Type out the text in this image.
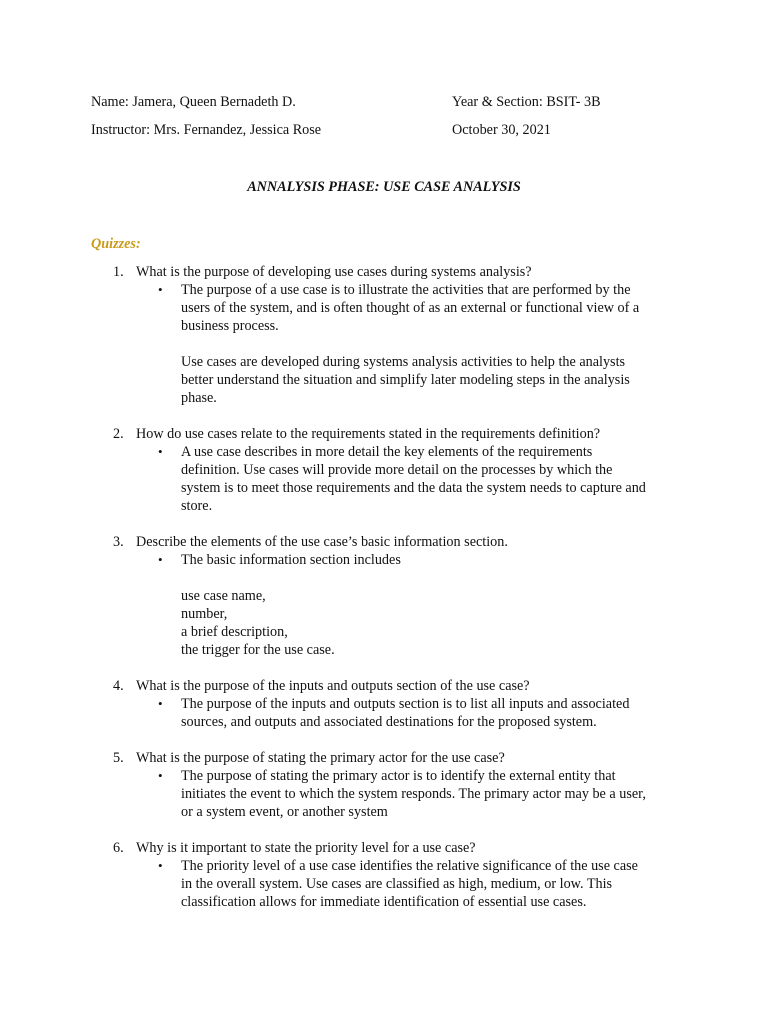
Name: Jamera, Queen Bernadeth D.	Year & Section: BSIT- 3B
Instructor: Mrs. Fernandez, Jessica Rose	October 30, 2021
ANNALYSIS PHASE: USE CASE ANALYSIS
Quizzes:
1. What is the purpose of developing use cases during systems analysis?
• The purpose of a use case is to illustrate the activities that are performed by the
users of the system, and is often thought of as an external or functional view of a
business process.

Use cases are developed during systems analysis activities to help the analysts
better understand the situation and simplify later modeling steps in the analysis
phase.
2. How do use cases relate to the requirements stated in the requirements definition?
• A use case describes in more detail the key elements of the requirements
definition. Use cases will provide more detail on the processes by which the
system is to meet those requirements and the data the system needs to capture and
store.
3. Describe the elements of the use case’s basic information section.
• The basic information section includes

use case name,
number,
a brief description,
the trigger for the use case.
4. What is the purpose of the inputs and outputs section of the use case?
• The purpose of the inputs and outputs section is to list all inputs and associated
sources, and outputs and associated destinations for the proposed system.
5. What is the purpose of stating the primary actor for the use case?
• The purpose of stating the primary actor is to identify the external entity that
initiates the event to which the system responds. The primary actor may be a user,
or a system event, or another system
6. Why is it important to state the priority level for a use case?
• The priority level of a use case identifies the relative significance of the use case
in the overall system. Use cases are classified as high, medium, or low. This
classification allows for immediate identification of essential use cases.
